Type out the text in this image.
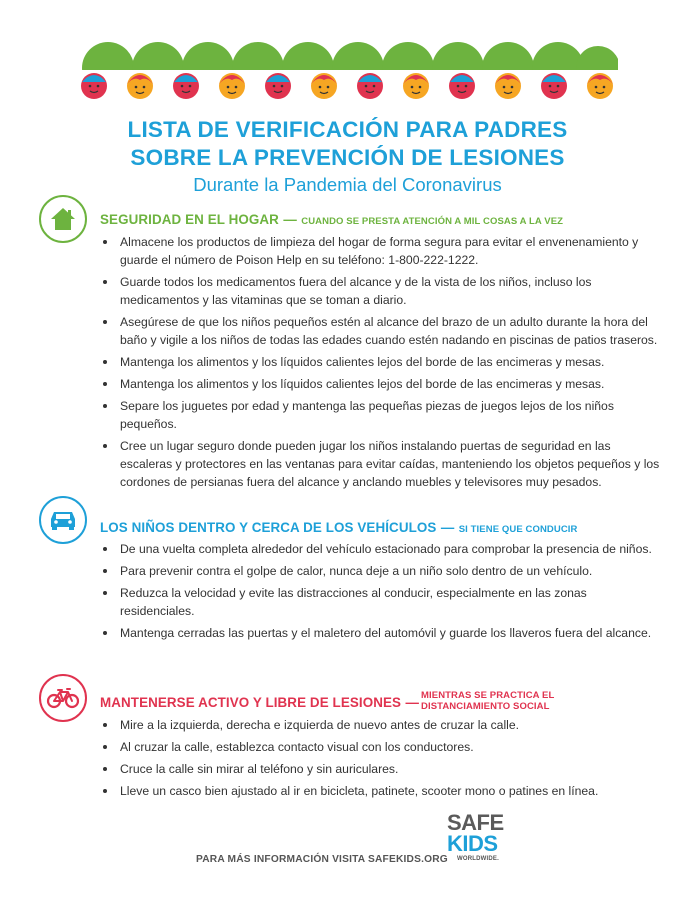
LISTA DE VERIFICACIÓN PARA PADRES
SOBRE LA PREVENCIÓN DE LESIONES
Durante la Pandemia del Coronavirus
SEGURIDAD EN EL HOGAR — CUANDO SE PRESTA ATENCIÓN A MIL COSAS A LA VEZ
Almacene los productos de limpieza del hogar de forma segura para evitar el envenenamiento y guarde el número de Poison Help en su teléfono: 1-800-222-1222.
Guarde todos los medicamentos fuera del alcance y de la vista de los niños, incluso los medicamentos y las vitaminas que se toman a diario.
Asegúrese de que los niños pequeños estén al alcance del brazo de un adulto durante la hora del baño y vigile a los niños de todas las edades cuando estén nadando en piscinas de patios traseros.
Mantenga los alimentos y los líquidos calientes lejos del borde de las encimeras y mesas.
Mantenga los alimentos y los líquidos calientes lejos del borde de las encimeras y mesas.
Separe los juguetes por edad y mantenga las pequeñas piezas de juegos lejos de los niños pequeños.
Cree un lugar seguro donde pueden jugar los niños instalando puertas de seguridad en las escaleras y protectores en las ventanas para evitar caídas, manteniendo los objetos pequeños y los cordones de persianas fuera del alcance y anclando muebles y televisores muy pesados.
LOS NIÑOS DENTRO Y CERCA DE LOS VEHÍCULOS — SI TIENE QUE CONDUCIR
De una vuelta completa alrededor del vehículo estacionado para comprobar la presencia de niños.
Para prevenir contra el golpe de calor, nunca deje a un niño solo dentro de un vehículo.
Reduzca la velocidad y evite las distracciones al conducir, especialmente en las zonas residenciales.
Mantenga cerradas las puertas y el maletero del automóvil y guarde los llaveros fuera del alcance.
MANTENERSE ACTIVO Y LIBRE DE LESIONES — MIENTRAS SE PRACTICA EL
DISTANCIAMIENTO SOCIAL
Mire a la izquierda, derecha e izquierda de nuevo antes de cruzar la calle.
Al cruzar la calle, establezca contacto visual con los conductores.
Cruce la calle sin mirar al teléfono y sin auriculares.
Lleve un casco bien ajustado al ir en bicicleta, patinete, scooter mono o patines en línea.
PARA MÁS INFORMACIÓN VISITA SAFEKIDS.ORG
SAFE
KIDS
WORLDWIDE.
